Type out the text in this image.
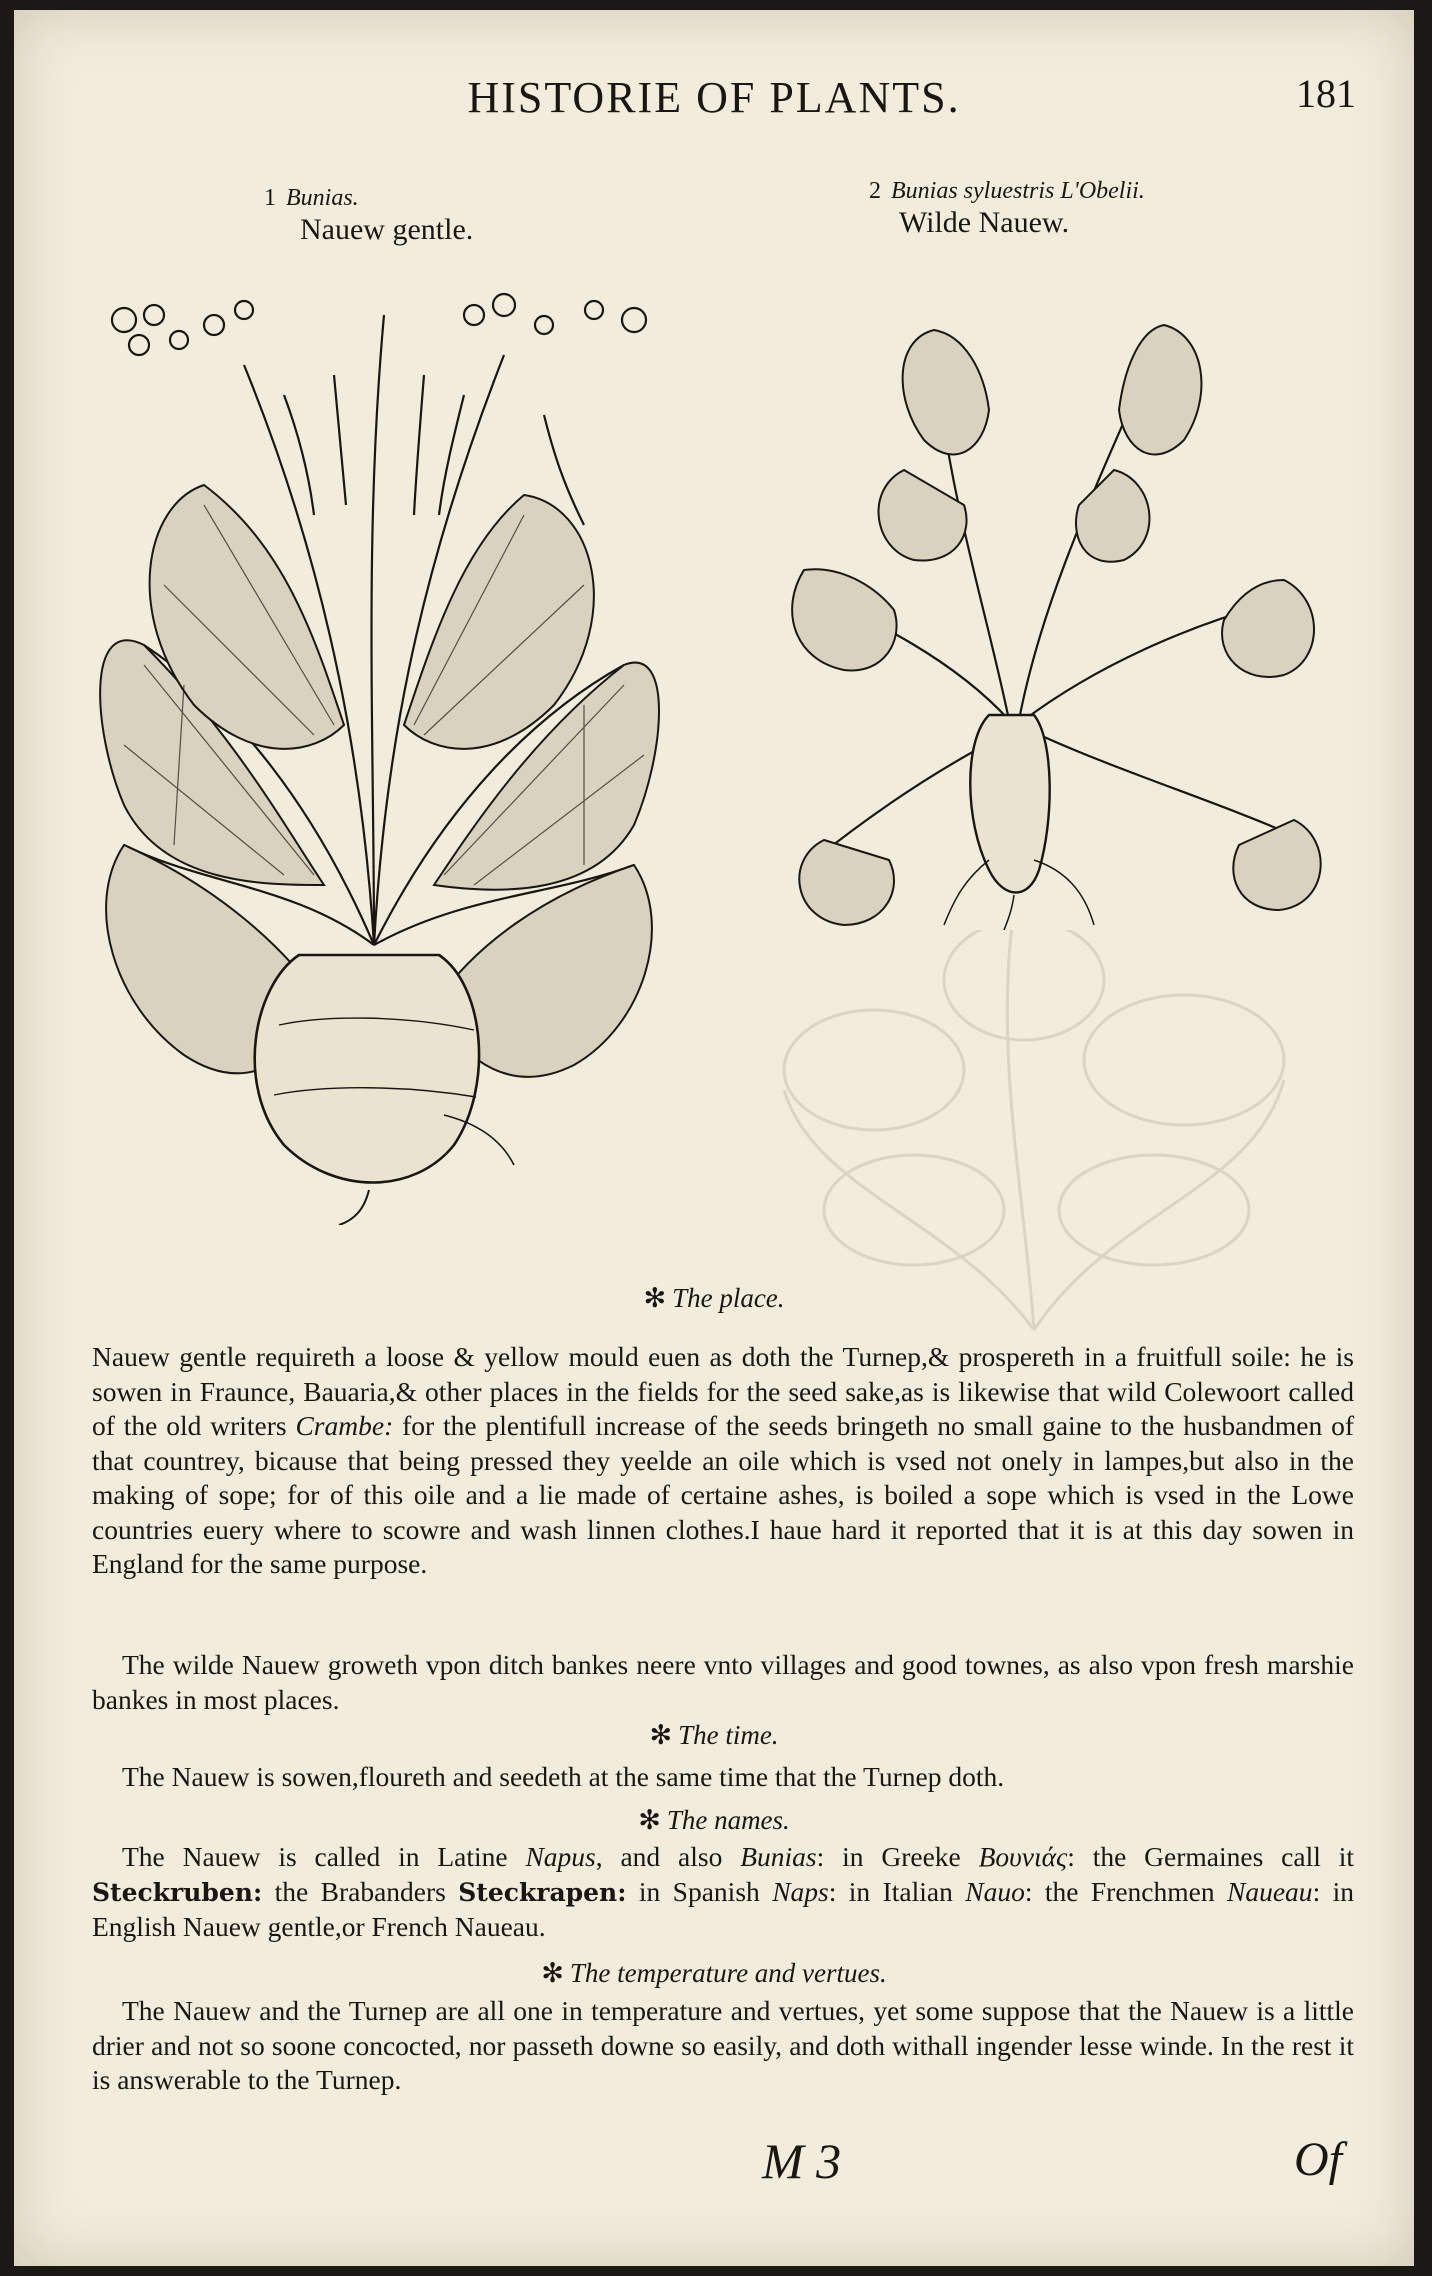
HISTORIE OF PLANTS.	181
1 Bunias.
Nauew gentle.
2 Bunias syluestris L'Obelii.
Wilde Nauew.
✻ The place.

Nauew gentle requireth a loose & yellow mould euen as doth the Turnep,& prospereth in a fruitfull soile: he is sowen in Fraunce, Bauaria,& other places in the fields for the seed sake,as is likewise that wild Colewoort called of the old writers Crambe: for the plentifull increase of the seeds bringeth no small gaine to the husbandmen of that countrey, bicause that being pressed they yeelde an oile which is vsed not onely in lampes,but also in the making of sope; for of this oile and a lie made of certaine ashes, is boiled a sope which is vsed in the Lowe countries euery where to scowre and wash linnen clothes.I haue hard it reported that it is at this day sowen in England for the same purpose.

The wilde Nauew groweth vpon ditch bankes neere vnto villages and good townes, as also vpon fresh marshie bankes in most places.

✻ The time.

The Nauew is sowen,floureth and seedeth at the same time that the Turnep doth.

✻ The names.

The Nauew is called in Latine Napus, and also Bunias: in Greeke Βουνιάς: the Germaines call it Steckruben: the Brabanders Steckrapen: in Spanish Naps: in Italian Nauo: the Frenchmen Naueau: in English Nauew gentle,or French Naueau.

✻ The temperature and vertues.

The Nauew and the Turnep are all one in temperature and vertues, yet some suppose that the Nauew is a little drier and not so soone concocted, nor passeth downe so easily, and doth withall ingender lesse winde. In the rest it is answerable to the Turnep.

M 3	Of
